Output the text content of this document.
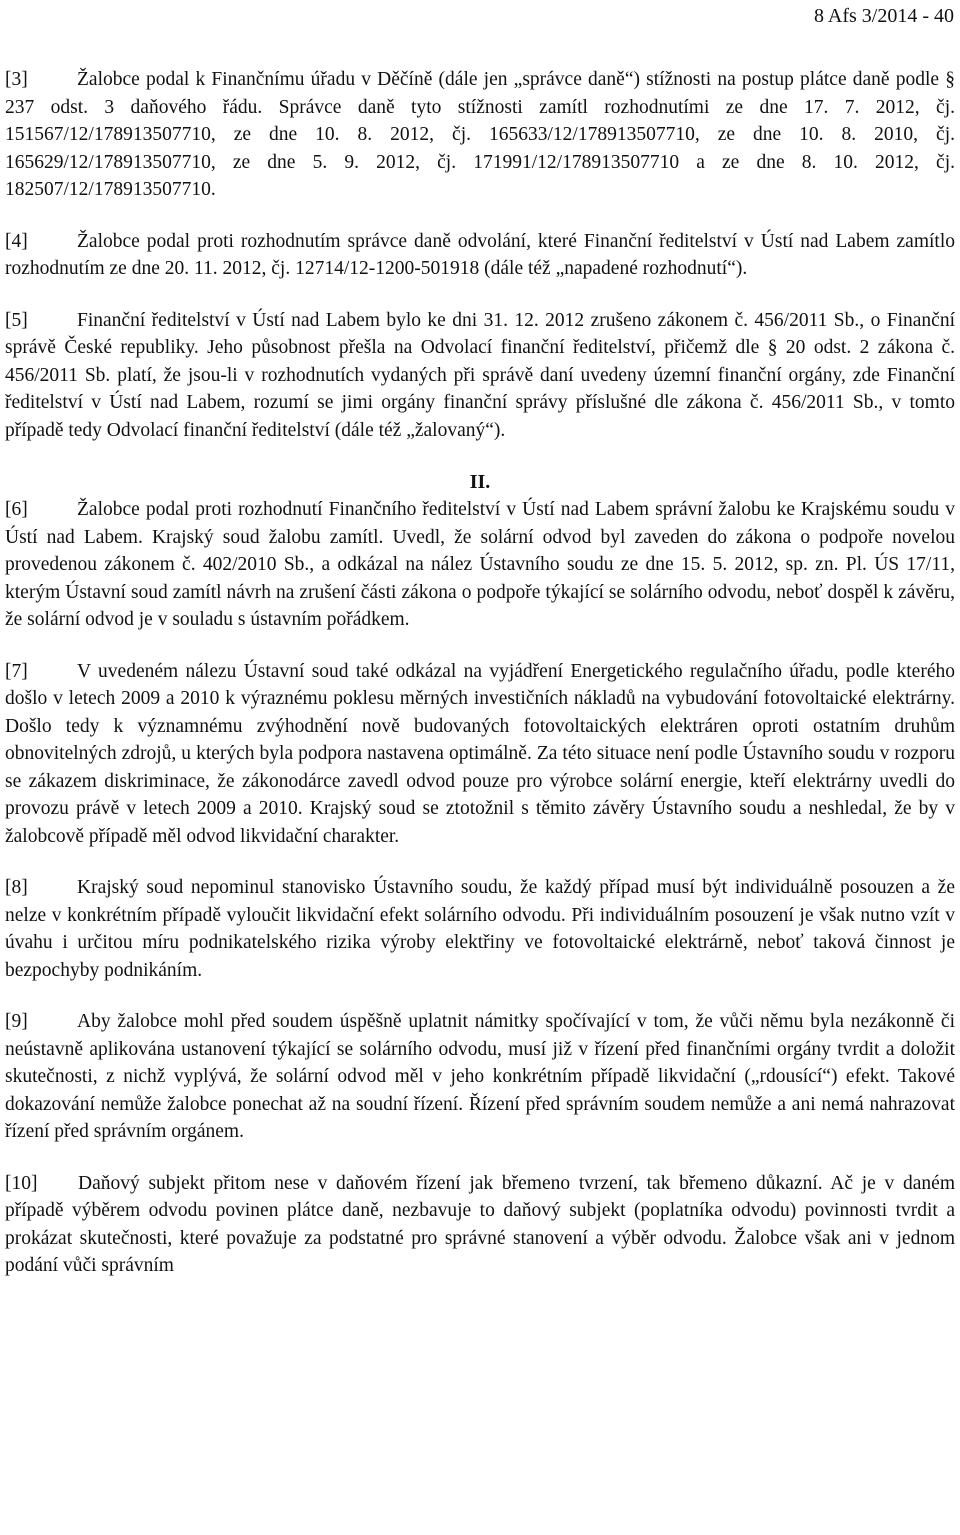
8 Afs 3/2014 - 40

[3]	Žalobce podal k Finančnímu úřadu v Děčíně (dále jen „správce daně“) stížnosti na postup plátce daně podle § 237 odst. 3 daňového řádu. Správce daně tyto stížnosti zamítl rozhodnutími ze dne 17. 7. 2012, čj. 151567/12/178913507710, ze dne 10. 8. 2012, čj. 165633/12/178913507710, ze dne 10. 8. 2010, čj. 165629/12/178913507710, ze dne 5. 9. 2012, čj. 171991/12/178913507710 a ze dne 8. 10. 2012, čj. 182507/12/178913507710.

[4]	Žalobce podal proti rozhodnutím správce daně odvolání, které Finanční ředitelství v Ústí nad Labem zamítlo rozhodnutím ze dne 20. 11. 2012, čj. 12714/12-1200-501918 (dále též „napadené rozhodnutí“).

[5]	Finanční ředitelství v Ústí nad Labem bylo ke dni 31. 12. 2012 zrušeno zákonem č. 456/2011 Sb., o Finanční správě České republiky. Jeho působnost přešla na Odvolací finanční ředitelství, přičemž dle § 20 odst. 2 zákona č. 456/2011 Sb. platí, že jsou-li v rozhodnutích vydaných při správě daní uvedeny územní finanční orgány, zde Finanční ředitelství v Ústí nad Labem, rozumí se jimi orgány finanční správy příslušné dle zákona č. 456/2011 Sb., v tomto případě tedy Odvolací finanční ředitelství (dále též „žalovaný“).

II.

[6]	Žalobce podal proti rozhodnutí Finančního ředitelství v Ústí nad Labem správní žalobu ke Krajskému soudu v Ústí nad Labem. Krajský soud žalobu zamítl. Uvedl, že solární odvod byl zaveden do zákona o podpoře novelou provedenou zákonem č. 402/2010 Sb., a odkázal na nález Ústavního soudu ze dne 15. 5. 2012, sp. zn. Pl. ÚS 17/11, kterým Ústavní soud zamítl návrh na zrušení části zákona o podpoře týkající se solárního odvodu, neboť dospěl k závěru, že solární odvod je v souladu s ústavním pořádkem.

[7]	V uvedeném nálezu Ústavní soud také odkázal na vyjádření Energetického regulačního úřadu, podle kterého došlo v letech 2009 a 2010 k výraznému poklesu měrných investičních nákladů na vybudování fotovoltaické elektrárny. Došlo tedy k významnému zvýhodnění nově budovaných fotovoltaických elektráren oproti ostatním druhům obnovitelných zdrojů, u kterých byla podpora nastavena optimálně. Za této situace není podle Ústavního soudu v rozporu se zákazem diskriminace, že zákonodárce zavedl odvod pouze pro výrobce solární energie, kteří elektrárny uvedli do provozu právě v letech 2009 a 2010. Krajský soud se ztotožnil s těmito závěry Ústavního soudu a neshledal, že by v žalobcově případě měl odvod likvidační charakter.

[8]	Krajský soud nepominul stanovisko Ústavního soudu, že každý případ musí být individuálně posouzen a že nelze v konkrétním případě vyloučit likvidační efekt solárního odvodu. Při individuálním posouzení je však nutno vzít v úvahu i určitou míru podnikatelského rizika výroby elektřiny ve fotovoltaické elektrárně, neboť taková činnost je bezpochyby podnikáním.

[9]	Aby žalobce mohl před soudem úspěšně uplatnit námitky spočívající v tom, že vůči němu byla nezákonně či neústavně aplikována ustanovení týkající se solárního odvodu, musí již v řízení před finančními orgány tvrdit a doložit skutečnosti, z nichž vyplývá, že solární odvod měl v jeho konkrétním případě likvidační („rdousící“) efekt. Takové dokazování nemůže žalobce ponechat až na soudní řízení. Řízení před správním soudem nemůže a ani nemá nahrazovat řízení před správním orgánem.

[10] Daňový subjekt přitom nese v daňovém řízení jak břemeno tvrzení, tak břemeno důkazní. Ač je v daném případě výběrem odvodu povinen plátce daně, nezbavuje to daňový subjekt (poplatníka odvodu) povinnosti tvrdit a prokázat skutečnosti, které považuje za podstatné pro správné stanovení a výběr odvodu. Žalobce však ani v jednom podání vůči správním
